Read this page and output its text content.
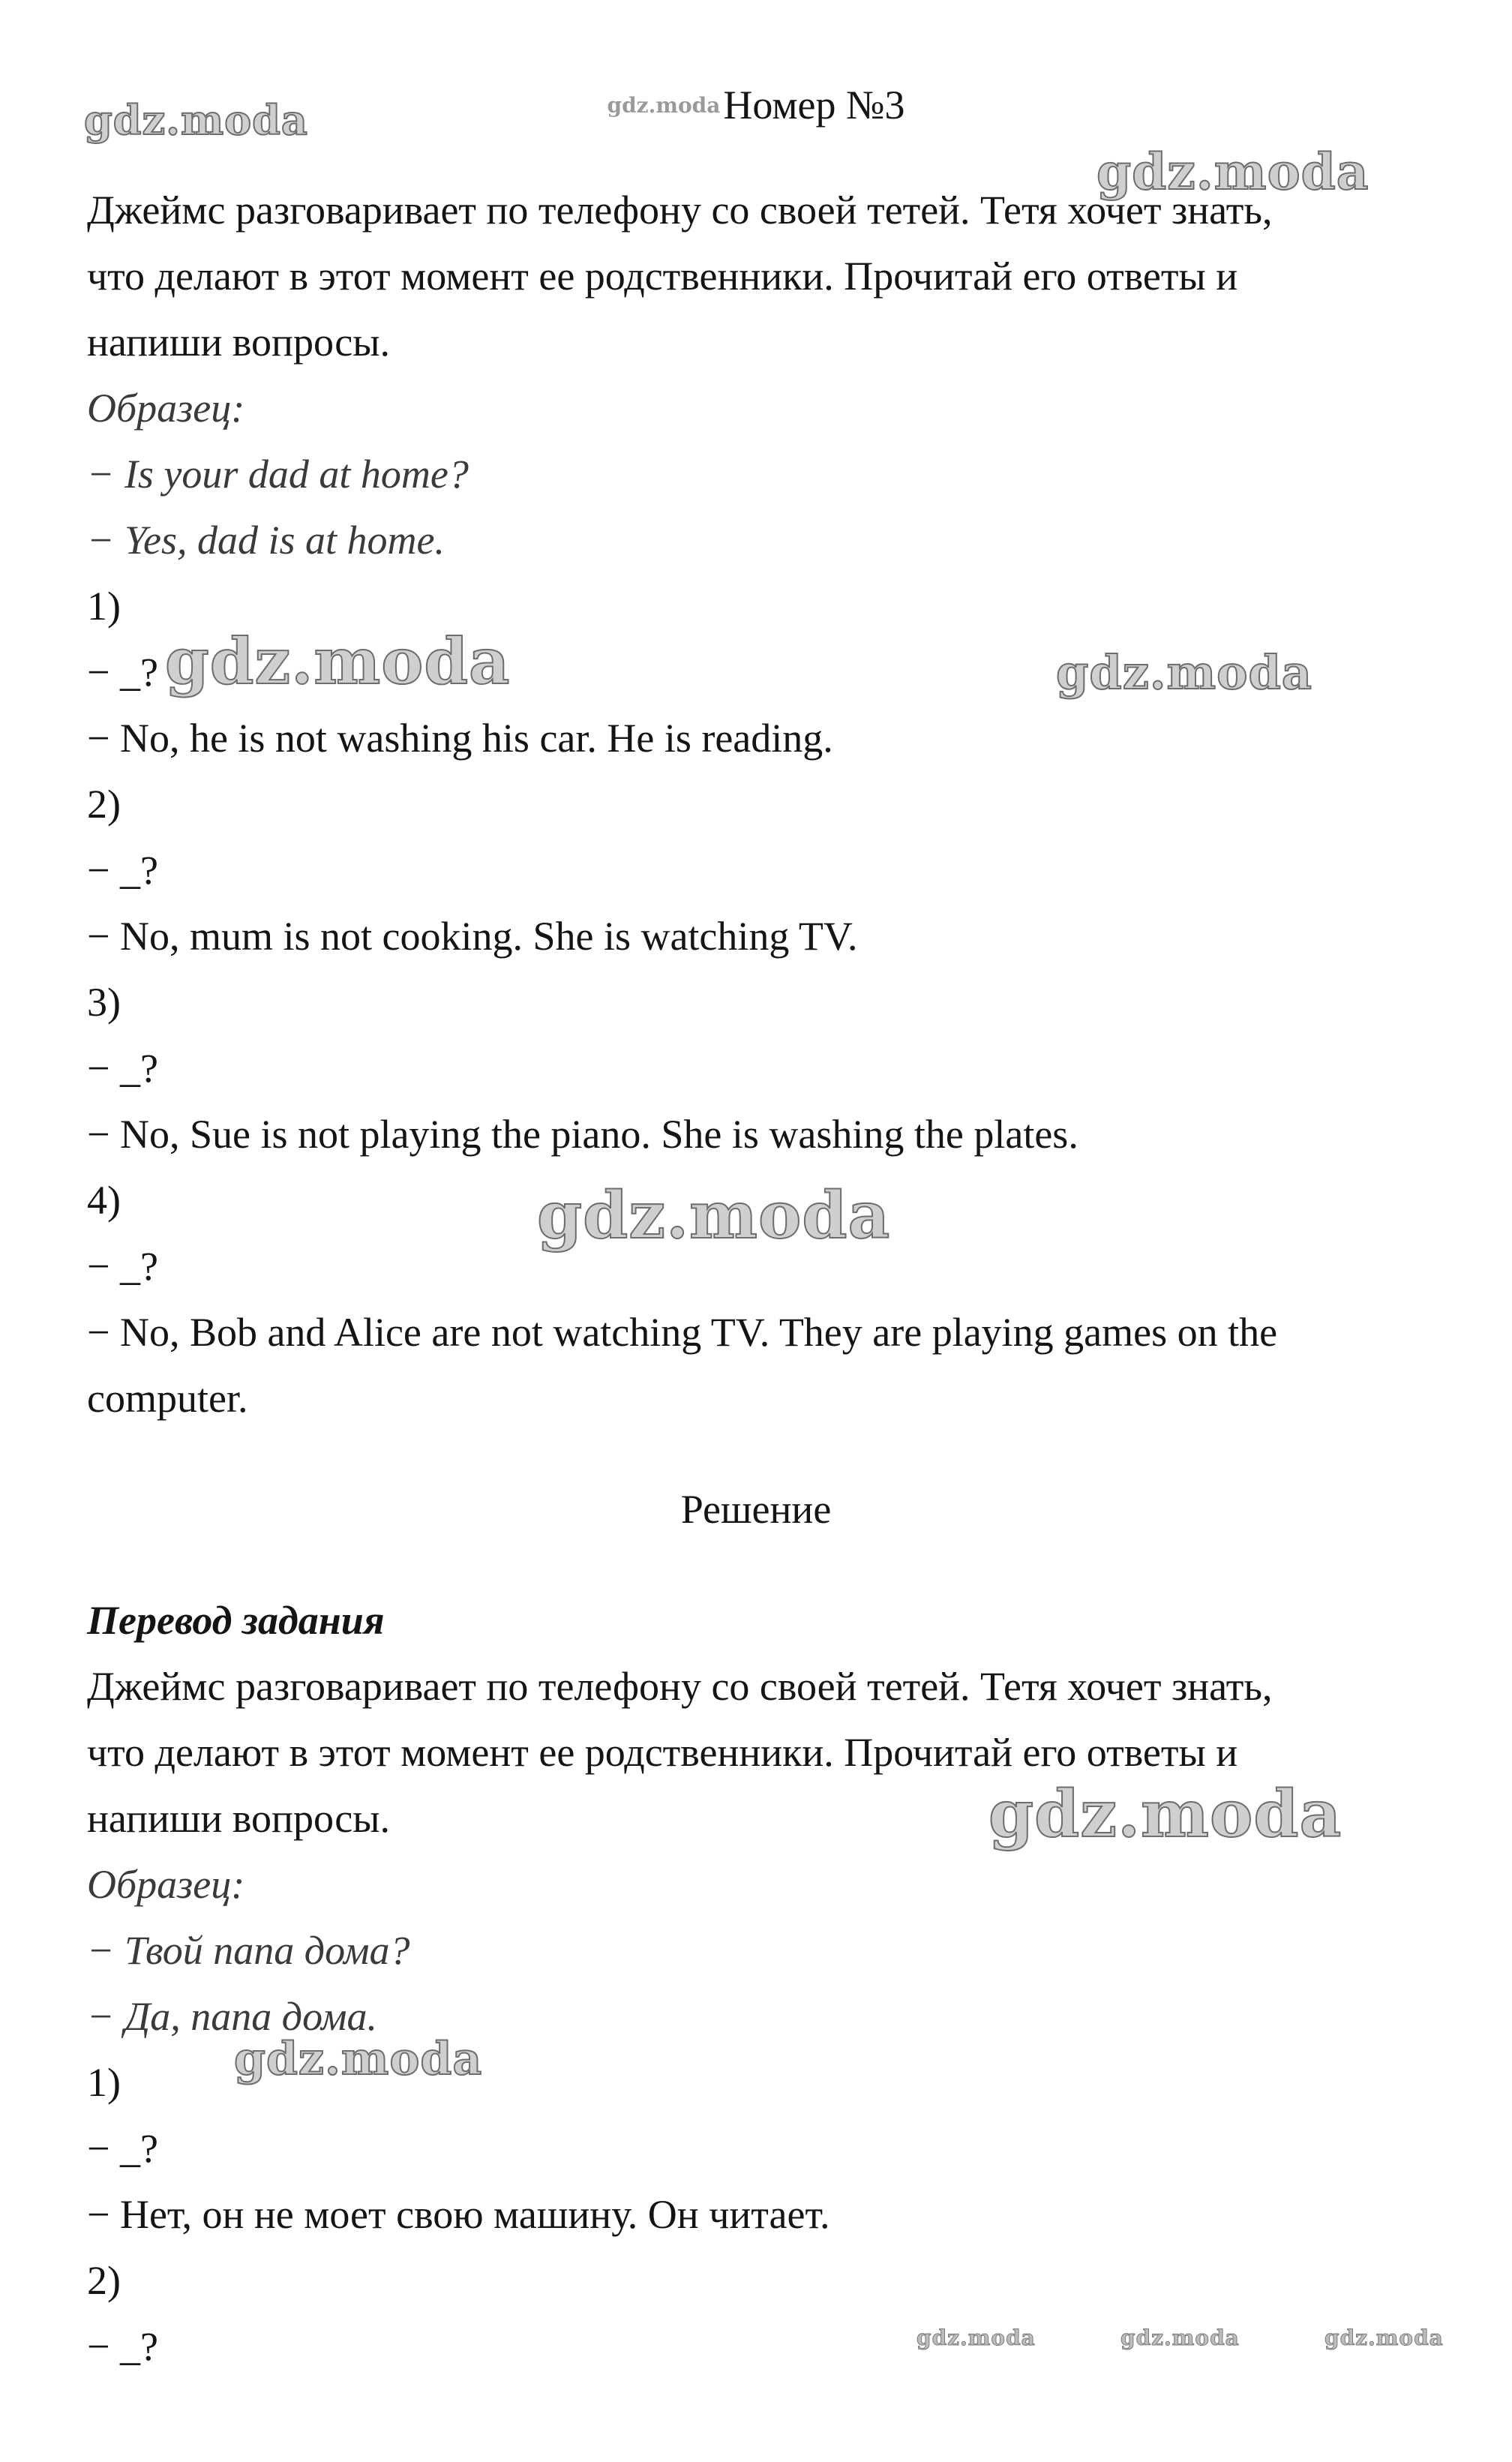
gdz.modaНомер №3
Джеймс разговаривает по телефону со своей тетей. Тетя хочет знать,
что делают в этот момент ее родственники. Прочитай его ответы и
напиши вопросы.
Образец:
− Is your dad at home?
− Yes, dad is at home.
1)
− _?
− No, he is not washing his car. He is reading.
2)
− _?
− No, mum is not cooking. She is watching TV.
3)
− _?
− No, Sue is not playing the piano. She is washing the plates.
4)
− _?
− No, Bob and Alice are not watching TV. They are playing games on the
computer.
Решение
Перевод задания
Джеймс разговаривает по телефону со своей тетей. Тетя хочет знать,
что делают в этот момент ее родственники. Прочитай его ответы и
напиши вопросы.
Образец:
− Твой папа дома?
− Да, папа дома.
1)
− _?
− Нет, он не моет свою машину. Он читает.
2)
− _?
gdz.moda
gdz.moda
gdz.moda	gdz.moda
gdz.moda
gdz.moda
gdz.moda
gdz.moda	gdz.moda	gdz.moda
